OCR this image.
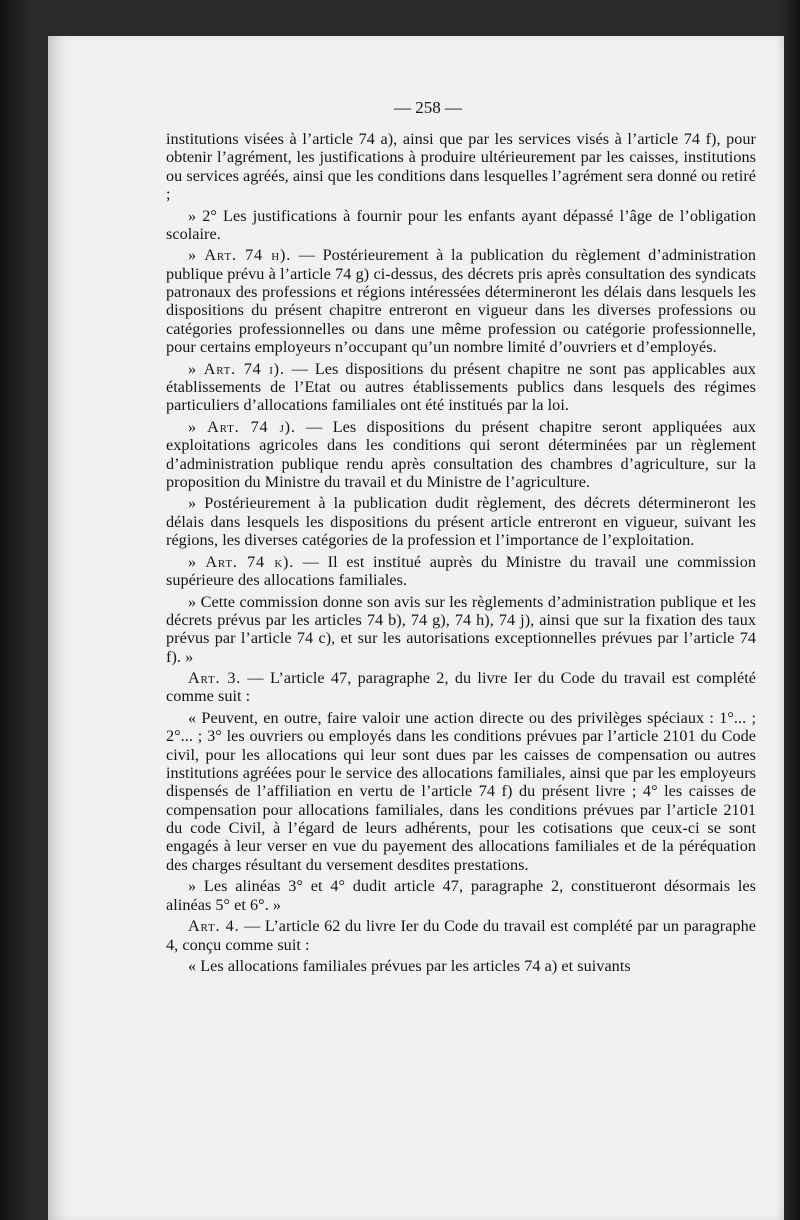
— 258 —

institutions visées à l’article 74 a), ainsi que par les services visés à l’article 74 f), pour obtenir l’agrément, les justifications à produire ultérieurement par les caisses, institutions ou services agréés, ainsi que les conditions dans lesquelles l’agrément sera donné ou retiré ;

» 2° Les justifications à fournir pour les enfants ayant dépassé l’âge de l’obligation scolaire.

» Art. 74 h). — Postérieurement à la publication du règlement d’administration publique prévu à l’article 74 g) ci-dessus, des décrets pris après consultation des syndicats patronaux des professions et régions intéressées détermineront les délais dans lesquels les dispositions du présent chapitre entreront en vigueur dans les diverses professions ou catégories professionnelles ou dans une même profession ou catégorie professionnelle, pour certains employeurs n’occupant qu’un nombre limité d’ouvriers et d’employés.

» Art. 74 i). — Les dispositions du présent chapitre ne sont pas applicables aux établissements de l’Etat ou autres établissements publics dans lesquels des régimes particuliers d’allocations familiales ont été institués par la loi.

» Art. 74 j). — Les dispositions du présent chapitre seront appliquées aux exploitations agricoles dans les conditions qui seront déterminées par un règlement d’administration publique rendu après consultation des chambres d’agriculture, sur la proposition du Ministre du travail et du Ministre de l’agriculture.

» Postérieurement à la publication dudit règlement, des décrets détermineront les délais dans lesquels les dispositions du présent article entreront en vigueur, suivant les régions, les diverses catégories de la profession et l’importance de l’exploitation.

» Art. 74 k). — Il est institué auprès du Ministre du travail une commission supérieure des allocations familiales.

» Cette commission donne son avis sur les règlements d’administration publique et les décrets prévus par les articles 74 b), 74 g), 74 h), 74 j), ainsi que sur la fixation des taux prévus par l’article 74 c), et sur les autorisations exceptionnelles prévues par l’article 74 f). »

Art. 3. — L’article 47, paragraphe 2, du livre Ier du Code du travail est complété comme suit :

« Peuvent, en outre, faire valoir une action directe ou des privilèges spéciaux : 1°... ; 2°... ; 3° les ouvriers ou employés dans les conditions prévues par l’article 2101 du Code civil, pour les allocations qui leur sont dues par les caisses de compensation ou autres institutions agréées pour le service des allocations familiales, ainsi que par les employeurs dispensés de l’affiliation en vertu de l’article 74 f) du présent livre ; 4° les caisses de compensation pour allocations familiales, dans les conditions prévues par l’article 2101 du code Civil, à l’égard de leurs adhérents, pour les cotisations que ceux-ci se sont engagés à leur verser en vue du payement des allocations familiales et de la péréquation des charges résultant du versement desdites prestations.

» Les alinéas 3° et 4° dudit article 47, paragraphe 2, constitueront désormais les alinéas 5° et 6°. »

Art. 4. — L’article 62 du livre Ier du Code du travail est complété par un paragraphe 4, conçu comme suit :

« Les allocations familiales prévues par les articles 74 a) et suivants
